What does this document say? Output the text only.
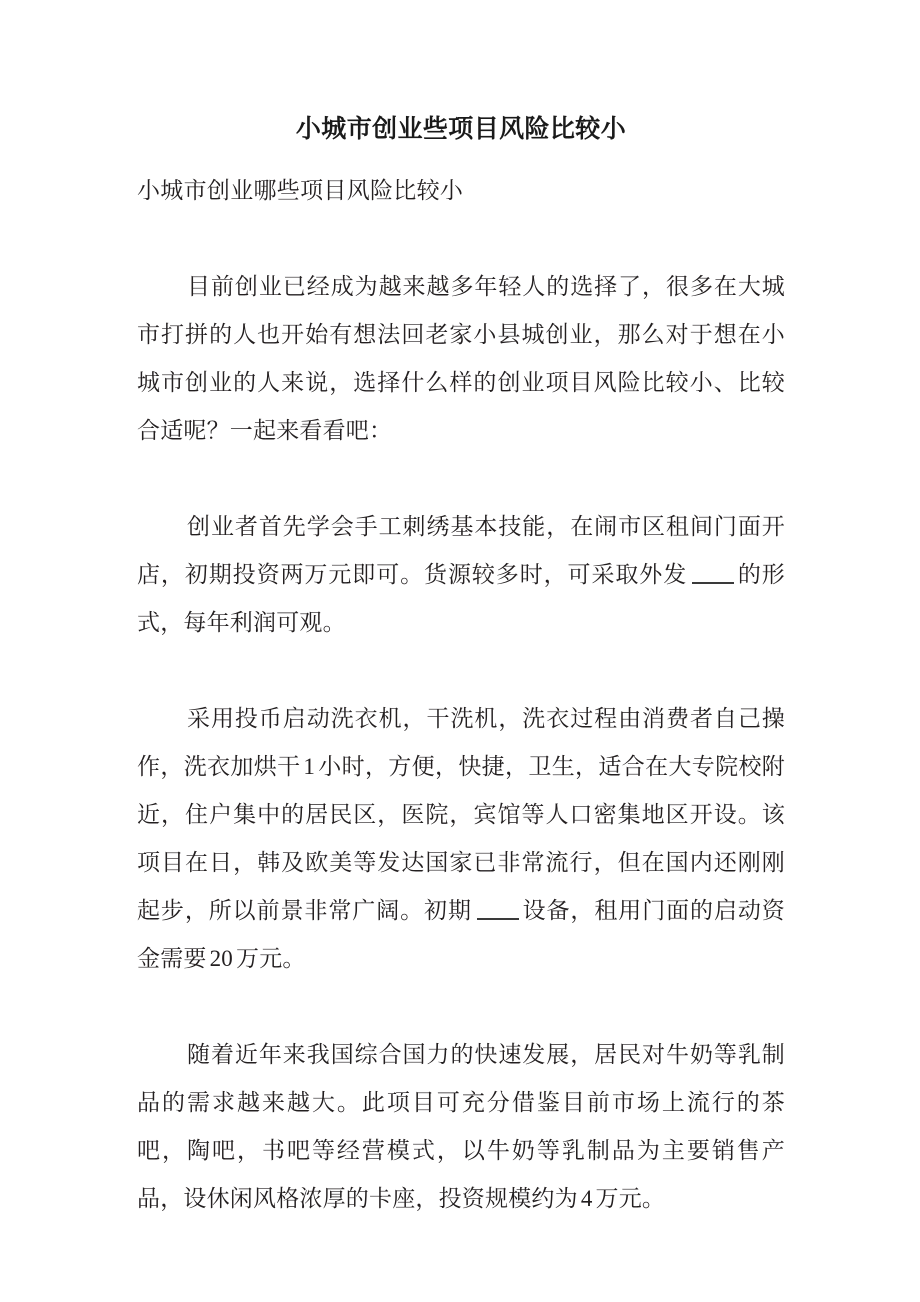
小城市创业些项目风险比较小
小城市创业哪些项目风险比较小

目前创业已经成为越来越多年轻人的选择了，很多在大城市打拼的人也开始有想法回老家小县城创业，那么对于想在小城市创业的人来说，选择什么样的创业项目风险比较小、比较合适呢？一起来看看吧：

创业者首先学会手工刺绣基本技能，在闹市区租间门面开店，初期投资两万元即可。货源较多时，可采取外发 的形式，每年利润可观。

采用投币启动洗衣机，干洗机，洗衣过程由消费者自己操作，洗衣加烘干 1 小时，方便，快捷，卫生，适合在大专院校附近，住户集中的居民区，医院，宾馆等人口密集地区开设。该项目在日，韩及欧美等发达国家已非常流行，但在国内还刚刚起步，所以前景非常广阔。初期 设备，租用门面的启动资金需要 20 万元。

随着近年来我国综合国力的快速发展，居民对牛奶等乳制品的需求越来越大。此项目可充分借鉴目前市场上流行的茶吧，陶吧，书吧等经营模式，以牛奶等乳制品为主要销售产品，设休闲风格浓厚的卡座，投资规模约为 4 万元。
